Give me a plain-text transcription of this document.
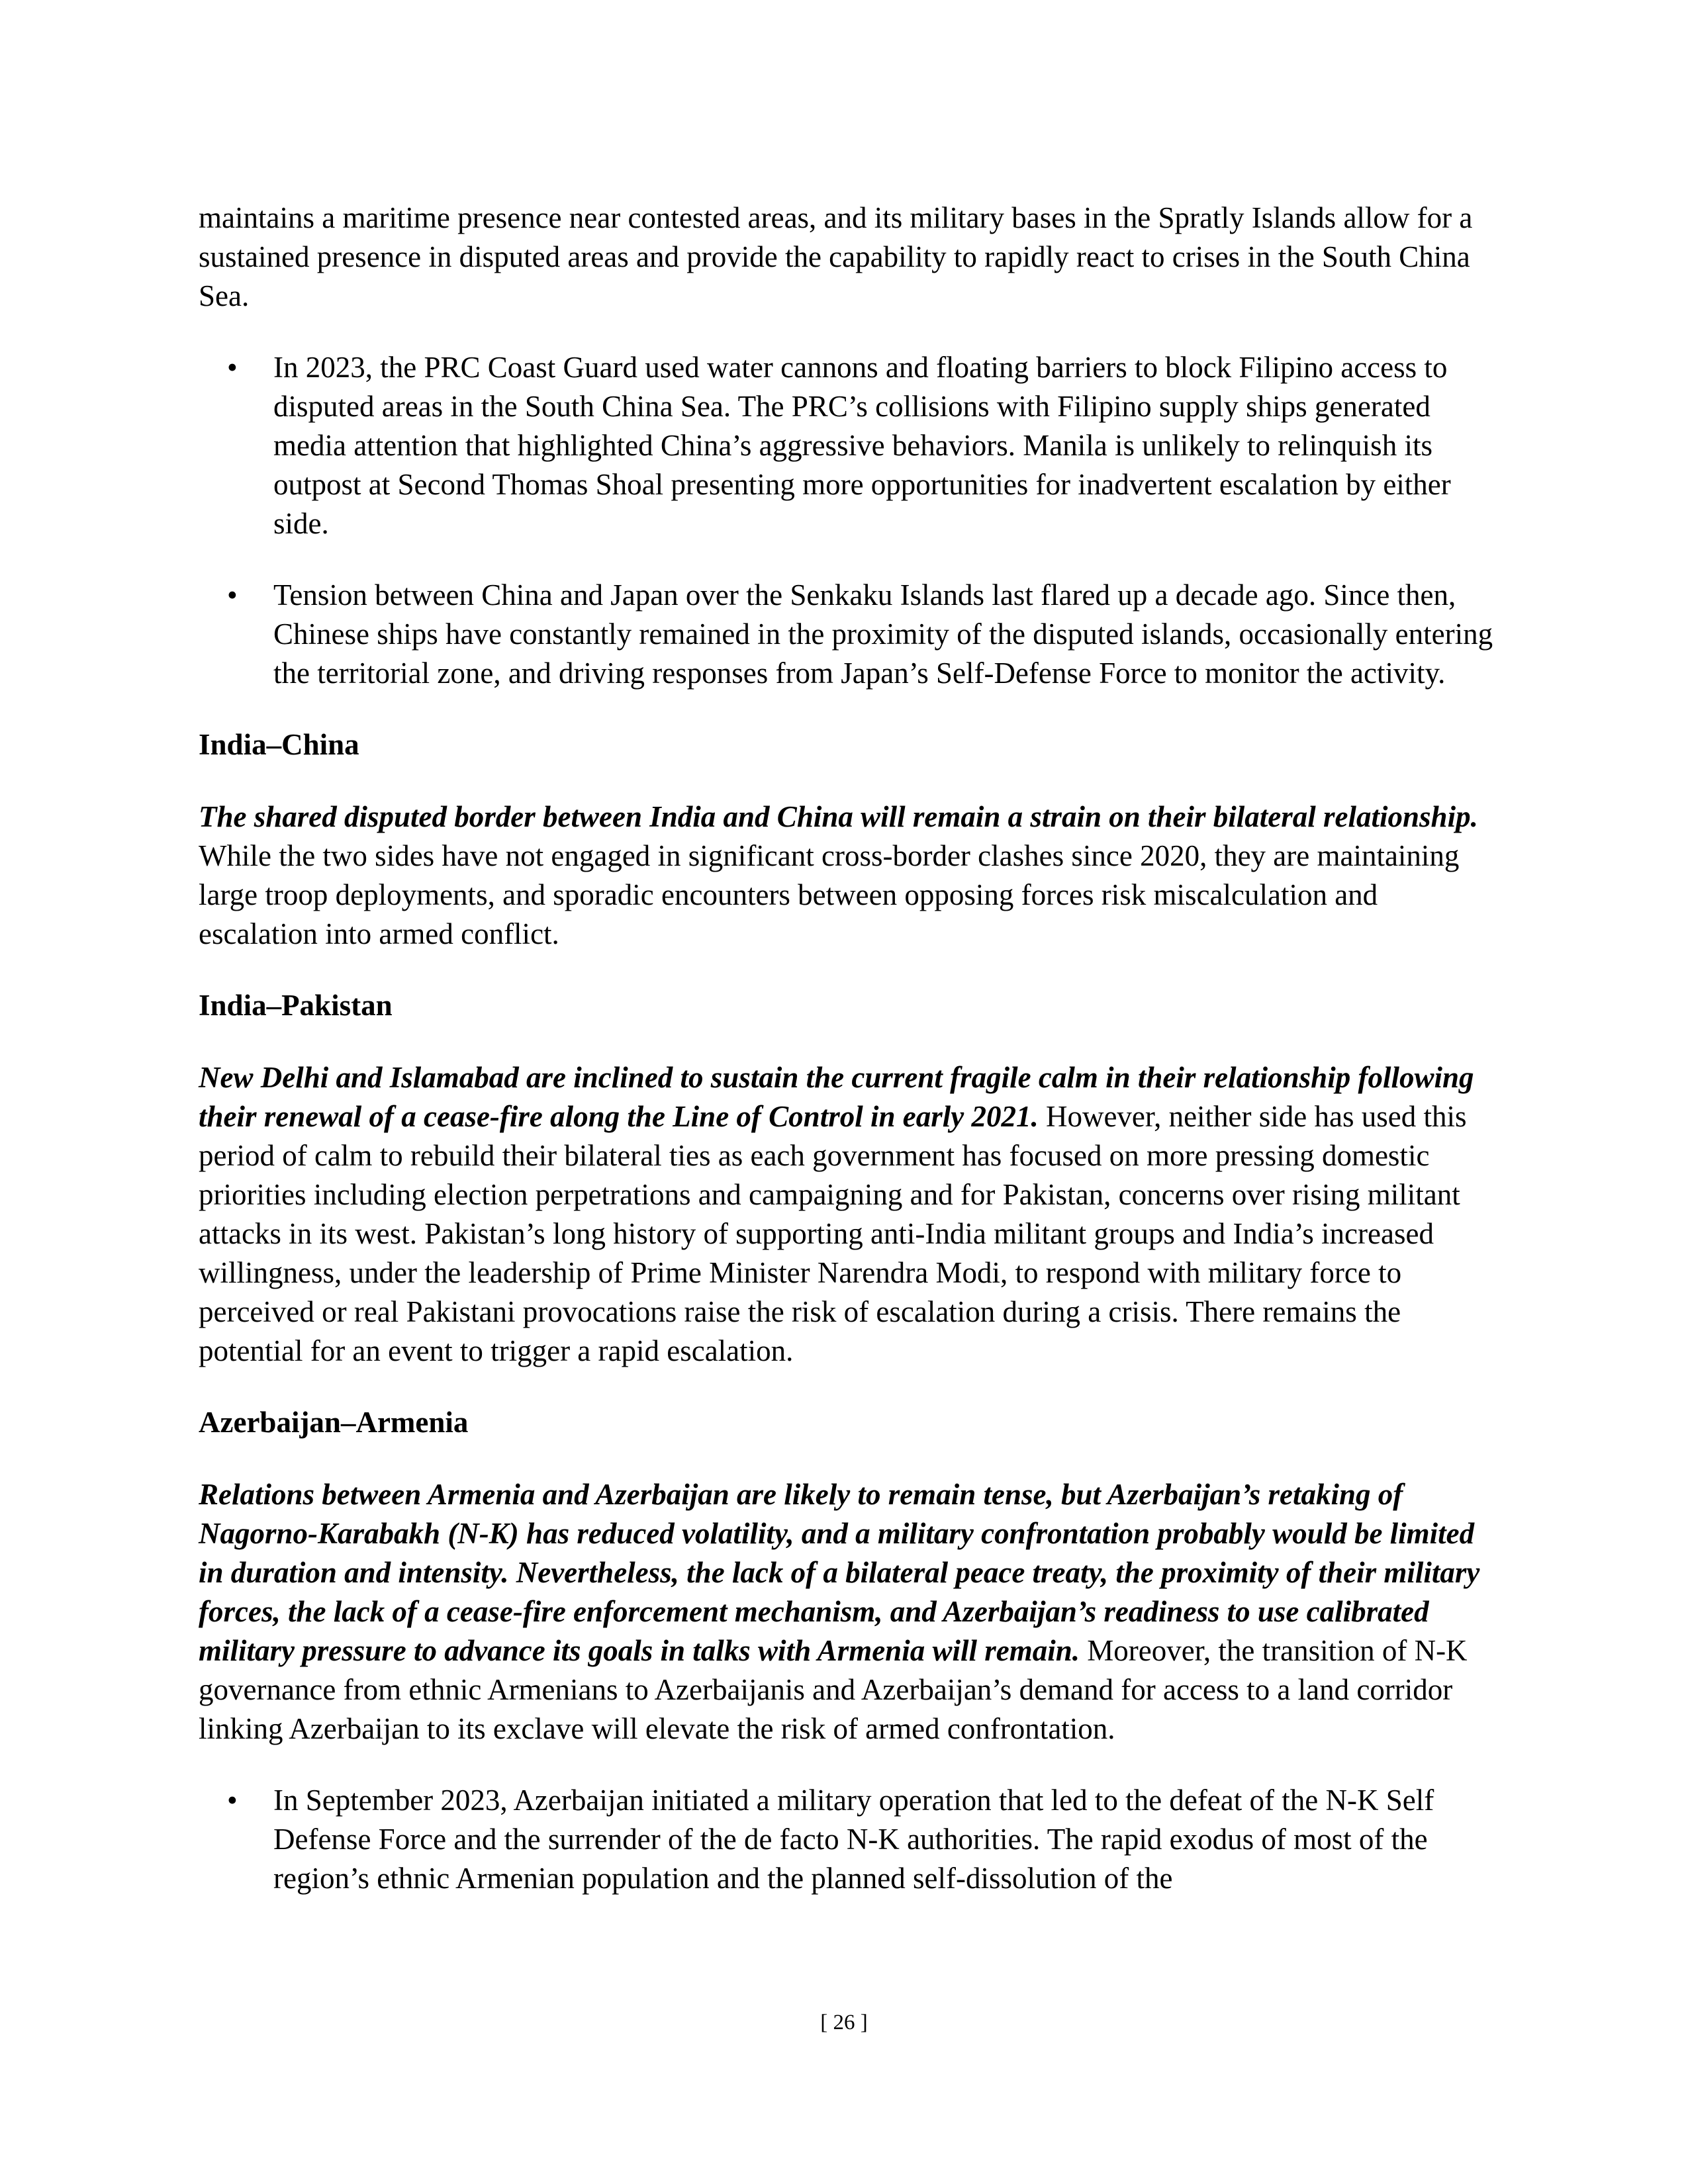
maintains a maritime presence near contested areas, and its military bases in the Spratly Islands allow for a sustained presence in disputed areas and provide the capability to rapidly react to crises in the South China Sea.

• In 2023, the PRC Coast Guard used water cannons and floating barriers to block Filipino access to disputed areas in the South China Sea. The PRC’s collisions with Filipino supply ships generated media attention that highlighted China’s aggressive behaviors. Manila is unlikely to relinquish its outpost at Second Thomas Shoal presenting more opportunities for inadvertent escalation by either side.
• Tension between China and Japan over the Senkaku Islands last flared up a decade ago. Since then, Chinese ships have constantly remained in the proximity of the disputed islands, occasionally entering the territorial zone, and driving responses from Japan’s Self-Defense Force to monitor the activity.

India–China

The shared disputed border between India and China will remain a strain on their bilateral relationship. While the two sides have not engaged in significant cross-border clashes since 2020, they are maintaining large troop deployments, and sporadic encounters between opposing forces risk miscalculation and escalation into armed conflict.

India–Pakistan

New Delhi and Islamabad are inclined to sustain the current fragile calm in their relationship following their renewal of a cease-fire along the Line of Control in early 2021. However, neither side has used this period of calm to rebuild their bilateral ties as each government has focused on more pressing domestic priorities including election perpetrations and campaigning and for Pakistan, concerns over rising militant attacks in its west. Pakistan’s long history of supporting anti-India militant groups and India’s increased willingness, under the leadership of Prime Minister Narendra Modi, to respond with military force to perceived or real Pakistani provocations raise the risk of escalation during a crisis. There remains the potential for an event to trigger a rapid escalation.

Azerbaijan–Armenia

Relations between Armenia and Azerbaijan are likely to remain tense, but Azerbaijan’s retaking of Nagorno-Karabakh (N-K) has reduced volatility, and a military confrontation probably would be limited in duration and intensity. Nevertheless, the lack of a bilateral peace treaty, the proximity of their military forces, the lack of a cease-fire enforcement mechanism, and Azerbaijan’s readiness to use calibrated military pressure to advance its goals in talks with Armenia will remain. Moreover, the transition of N-K governance from ethnic Armenians to Azerbaijanis and Azerbaijan’s demand for access to a land corridor linking Azerbaijan to its exclave will elevate the risk of armed confrontation.

• In September 2023, Azerbaijan initiated a military operation that led to the defeat of the N-K Self Defense Force and the surrender of the de facto N-K authorities. The rapid exodus of most of the region’s ethnic Armenian population and the planned self-dissolution of the
[ 26 ]
